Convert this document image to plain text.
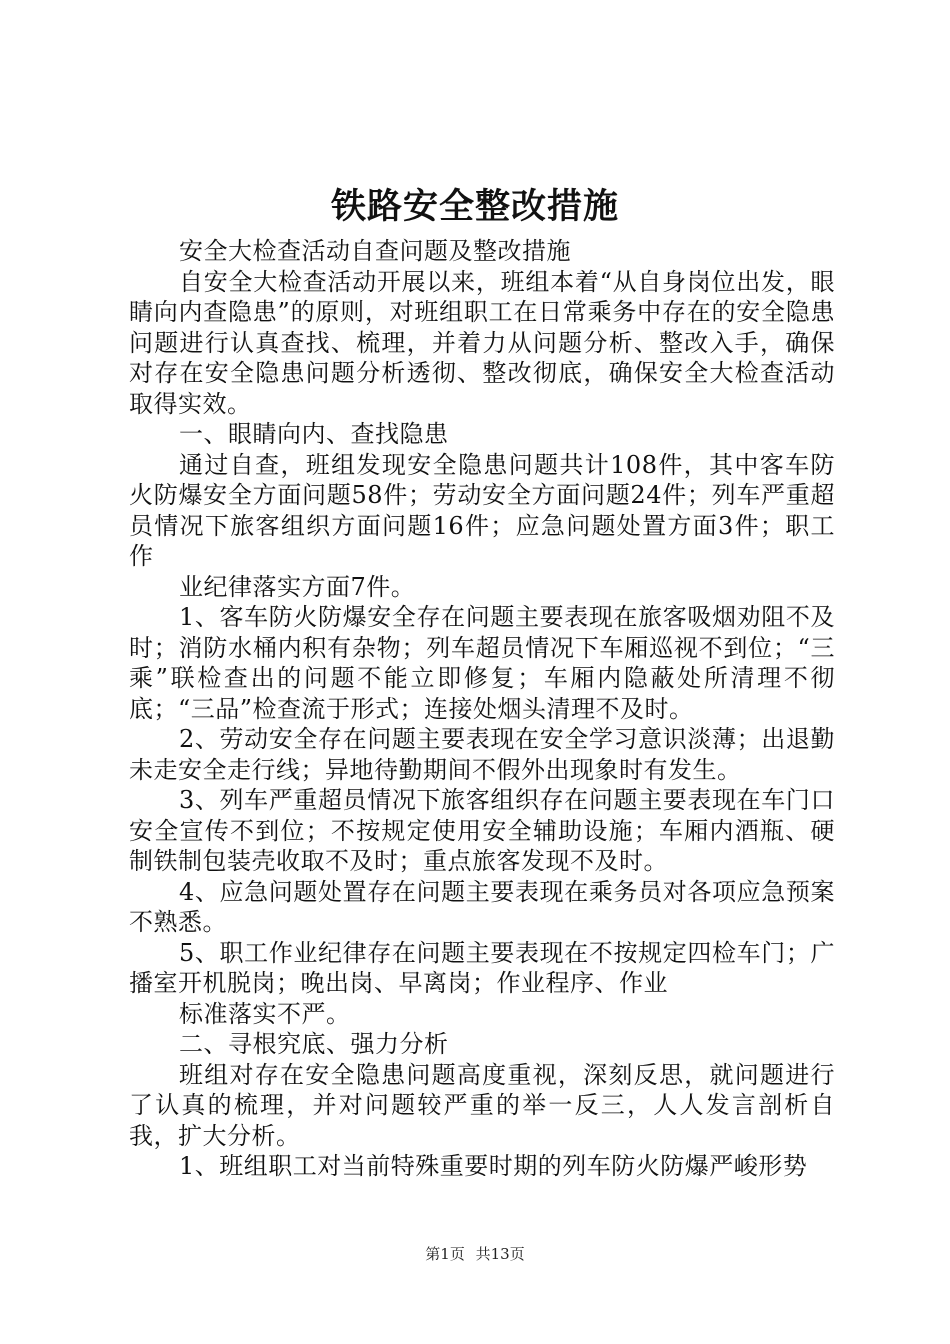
铁路安全整改措施

安全大检查活动自查问题及整改措施

自安全大检查活动开展以来，班组本着“从自身岗位出发，眼睛向内查隐患”的原则，对班组职工在日常乘务中存在的安全隐患问题进行认真查找、梳理，并着力从问题分析、整改入手，确保对存在安全隐患问题分析透彻、整改彻底，确保安全大检查活动取得实效。

一、眼睛向内、查找隐患

通过自查，班组发现安全隐患问题共计108件，其中客车防火防爆安全方面问题58件；劳动安全方面问题24件；列车严重超员情况下旅客组织方面问题16件；应急问题处置方面3件；职工作

业纪律落实方面7件。

1、客车防火防爆安全存在问题主要表现在旅客吸烟劝阻不及时；消防水桶内积有杂物；列车超员情况下车厢巡视不到位；“三乘”联检查出的问题不能立即修复；车厢内隐蔽处所清理不彻底；“三品”检查流于形式；连接处烟头清理不及时。

2、劳动安全存在问题主要表现在安全学习意识淡薄；出退勤未走安全走行线；异地待勤期间不假外出现象时有发生。

3、列车严重超员情况下旅客组织存在问题主要表现在车门口安全宣传不到位；不按规定使用安全辅助设施；车厢内酒瓶、硬制铁制包装壳收取不及时；重点旅客发现不及时。

4、应急问题处置存在问题主要表现在乘务员对各项应急预案不熟悉。

5、职工作业纪律存在问题主要表现在不按规定四检车门；广播室开机脱岗；晚出岗、早离岗；作业程序、作业

标准落实不严。

二、寻根究底、强力分析

班组对存在安全隐患问题高度重视，深刻反思，就问题进行了认真的梳理，并对问题较严重的举一反三，人人发言剖析自我，扩大分析。

1、班组职工对当前特殊重要时期的列车防火防爆严峻形势

第1页 共13页
